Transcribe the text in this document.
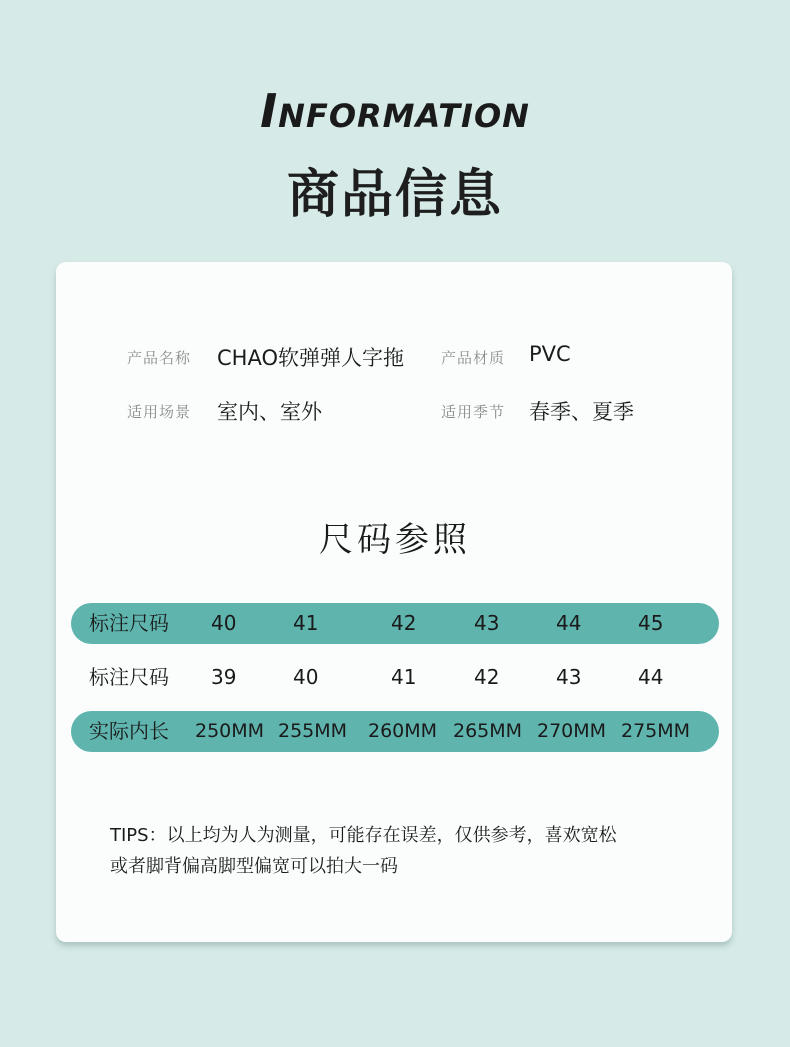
Information
商品信息
产品名称 CHAO软弹弹人字拖 产品材质 PVC
适用场景 室内、室外	适用季节 春季、夏季
尺码参照
标注尺码 40	41	42	43	44	45
标注尺码 39	40	41	42	43	44
实际内长 250MM 255MM 260MM 265MM 270MM 275MM
TIPS：以上均为人为测量，可能存在误差，仅供参考，喜欢宽松
或者脚背偏高脚型偏宽可以拍大一码
